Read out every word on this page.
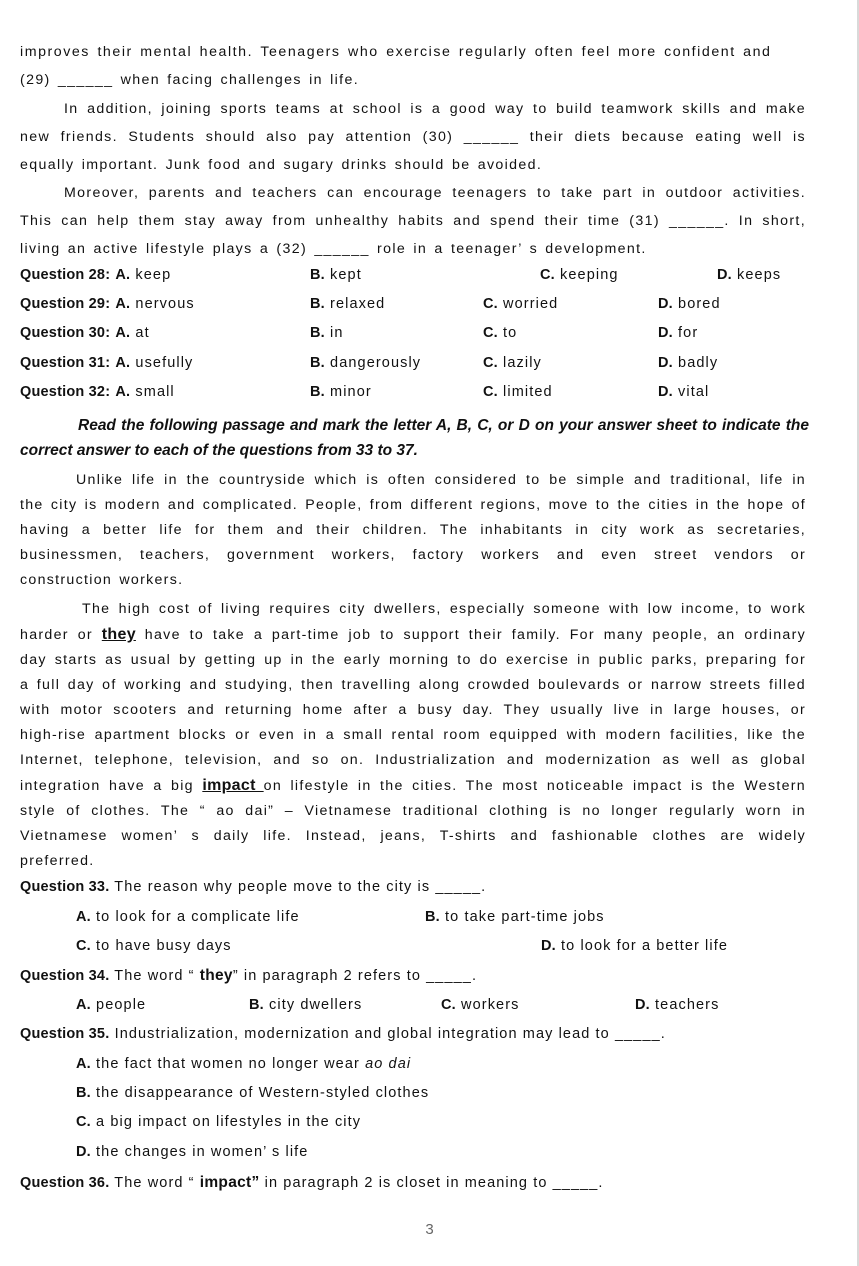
improves their mental health. Teenagers who exercise regularly often feel more confident and

(29) ______ when facing challenges in life.

In addition, joining sports teams at school is a good way to build teamwork skills and make new friends. Students should also pay attention (30) ______ their diets because eating well is equally important. Junk food and sugary drinks should be avoided.

Moreover, parents and teachers can encourage teenagers to take part in outdoor activities. This can help them stay away from unhealthy habits and spend their time (31) ______. In short, living an active lifestyle plays a (32) ______ role in a teenager’ s development.

Question 28: A. keep	B. kept	C. keeping	D. keeps
Question 29: A. nervous	B. relaxed	C. worried	D. bored
Question 30: A. at	B. in	C. to	D. for
Question 31: A. usefully	B. dangerously	C. lazily	D. badly
Question 32: A. small	B. minor	C. limited	D. vital

Read the following passage and mark the letter A, B, C, or D on your answer sheet to indicate the correct answer to each of the questions from 33 to 37.

Unlike life in the countryside which is often considered to be simple and traditional, life in the city is modern and complicated. People, from different regions, move to the cities in the hope of having a better life for them and their children. The inhabitants in city work as secretaries, businessmen, teachers, government workers, factory workers and even street vendors or construction workers.

The high cost of living requires city dwellers, especially someone with low income, to work harder or they have to take a part-time job to support their family. For many people, an ordinary day starts as usual by getting up in the early morning to do exercise in public parks, preparing for a full day of working and studying, then travelling along crowded boulevards or narrow streets filled with motor scooters and returning home after a busy day. They usually live in large houses, or high-rise apartment blocks or even in a small rental room equipped with modern facilities, like the Internet, telephone, television, and so on. Industrialization and modernization as well as global integration have a big impact on lifestyle in the cities. The most noticeable impact is the Western style of clothes. The “ ao dai” – Vietnamese traditional clothing is no longer regularly worn in Vietnamese women’ s daily life. Instead, jeans, T-shirts and fashionable clothes are widely preferred.

Question 33. The reason why people move to the city is _____.
A. to look for a complicate life	B. to take part-time jobs
C. to have busy days	D. to look for a better life
Question 34. The word “ they” in paragraph 2 refers to _____.
A. people	B. city dwellers	C. workers	D. teachers
Question 35. Industrialization, modernization and global integration may lead to _____.
A. the fact that women no longer wear ao dai
B. the disappearance of Western-styled clothes
C. a big impact on lifestyles in the city
D. the changes in women’ s life
Question 36. The word “ impact” in paragraph 2 is closet in meaning to _____.
3
